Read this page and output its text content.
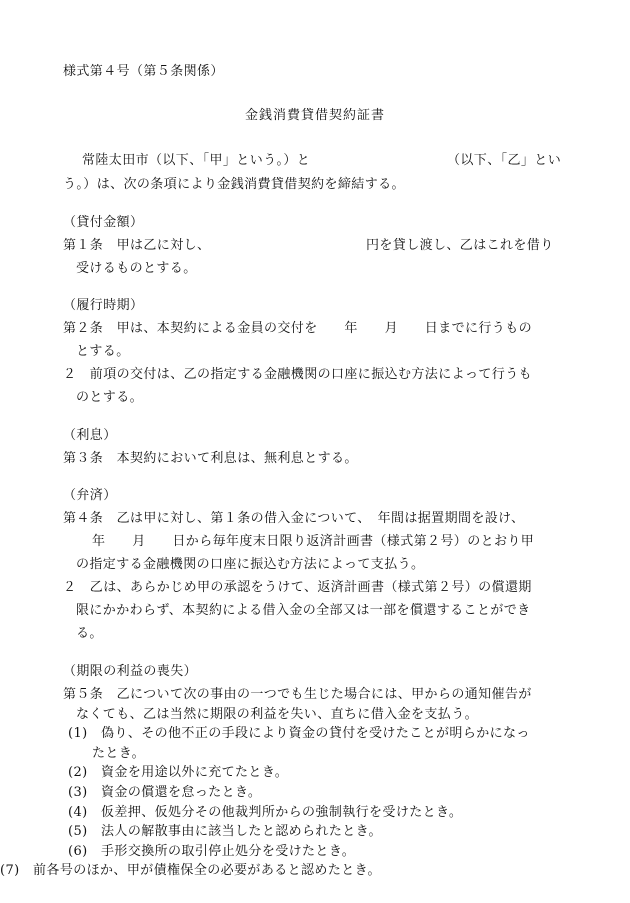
様式第４号（第５条関係）
金銭消費貸借契約証書
常陸太田市（以下、「甲」という。）と	（以下、「乙」とい
う。）は、次の条項により金銭消費貸借契約を締結する。
（貸付金額）
第１条　甲は乙に対し、	円を貸し渡し、乙はこれを借り
受けるものとする。
（履行時期）
第２条　甲は、本契約による金員の交付を　　年　　月　　日までに行うもの
とする。
２　前項の交付は、乙の指定する金融機関の口座に振込む方法によって行うも
のとする。
（利息）
第３条　本契約において利息は、無利息とする。
（弁済）
第４条　乙は甲に対し、第１条の借入金について、　年間は据置期間を設け、
年　　月　　日から毎年度末日限り返済計画書（様式第２号）のとおり甲
の指定する金融機関の口座に振込む方法によって支払う。
２　乙は、あらかじめ甲の承認をうけて、返済計画書（様式第２号）の償還期
限にかかわらず、本契約による借入金の全部又は一部を償還することができ
る。
（期限の利益の喪失）
第５条　乙について次の事由の一つでも生じた場合には、甲からの通知催告が
なくても、乙は当然に期限の利益を失い、直ちに借入金を支払う。
(1)　偽り、その他不正の手段により資金の貸付を受けたことが明らかになっ
たとき。
(2)　資金を用途以外に充てたとき。
(3)　資金の償還を怠ったとき。
(4)　仮差押、仮処分その他裁判所からの強制執行を受けたとき。
(5)　法人の解散事由に該当したと認められたとき。
(6)　手形交換所の取引停止処分を受けたとき。
(7)　前各号のほか、甲が債権保全の必要があると認めたとき。
